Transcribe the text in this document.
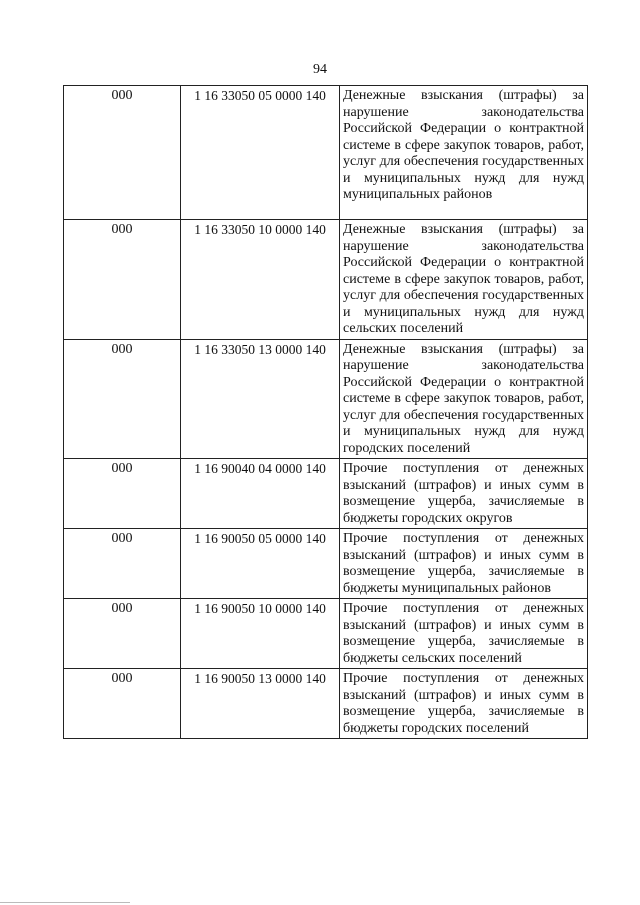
94
000	1 16 33050 05 0000 140	Денежные взыскания (штрафы) за нарушение законодательства Российской Федерации о контрактной системе в сфере закупок товаров, работ, услуг для обеспечения государственных и муниципальных нужд для нужд муниципальных районов
000	1 16 33050 10 0000 140	Денежные взыскания (штрафы) за нарушение законодательства Российской Федерации о контрактной системе в сфере закупок товаров, работ, услуг для обеспечения государственных и муниципальных нужд для нужд сельских поселений
000	1 16 33050 13 0000 140	Денежные взыскания (штрафы) за нарушение законодательства Российской Федерации о контрактной системе в сфере закупок товаров, работ, услуг для обеспечения государственных и муниципальных нужд для нужд городских поселений
000	1 16 90040 04 0000 140	Прочие поступления от денежных взысканий (штрафов) и иных сумм в возмещение ущерба, зачисляемые в бюджеты городских округов
000	1 16 90050 05 0000 140	Прочие поступления от денежных взысканий (штрафов) и иных сумм в возмещение ущерба, зачисляемые в бюджеты муниципальных районов
000	1 16 90050 10 0000 140	Прочие поступления от денежных взысканий (штрафов) и иных сумм в возмещение ущерба, зачисляемые в бюджеты сельских поселений
000	1 16 90050 13 0000 140	Прочие поступления от денежных взысканий (штрафов) и иных сумм в возмещение ущерба, зачисляемые в бюджеты городских поселений
